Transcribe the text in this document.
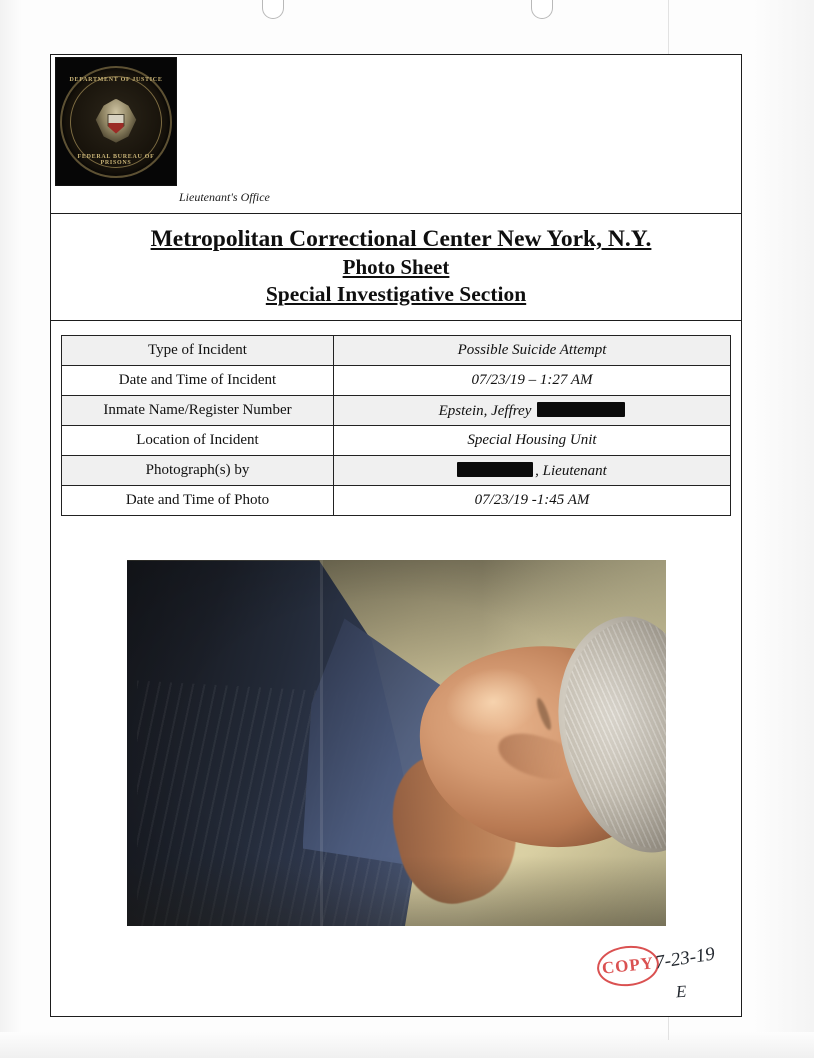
DEPARTMENT OF JUSTICE
FEDERAL BUREAU OF PRISONS
Lieutenant's Office
Metropolitan Correctional Center New York, N.Y.
Photo Sheet
Special Investigative Section
Type of Incident	Possible Suicide Attempt
Date and Time of Incident	07/23/19 – 1:27 AM
Inmate Name/Register Number	Epstein, Jeffrey
Location of Incident	Special Housing Unit
Photograph(s) by	, Lieutenant
Date and Time of Photo	07/23/19 -1:45 AM
COPY
7-23-19
E
